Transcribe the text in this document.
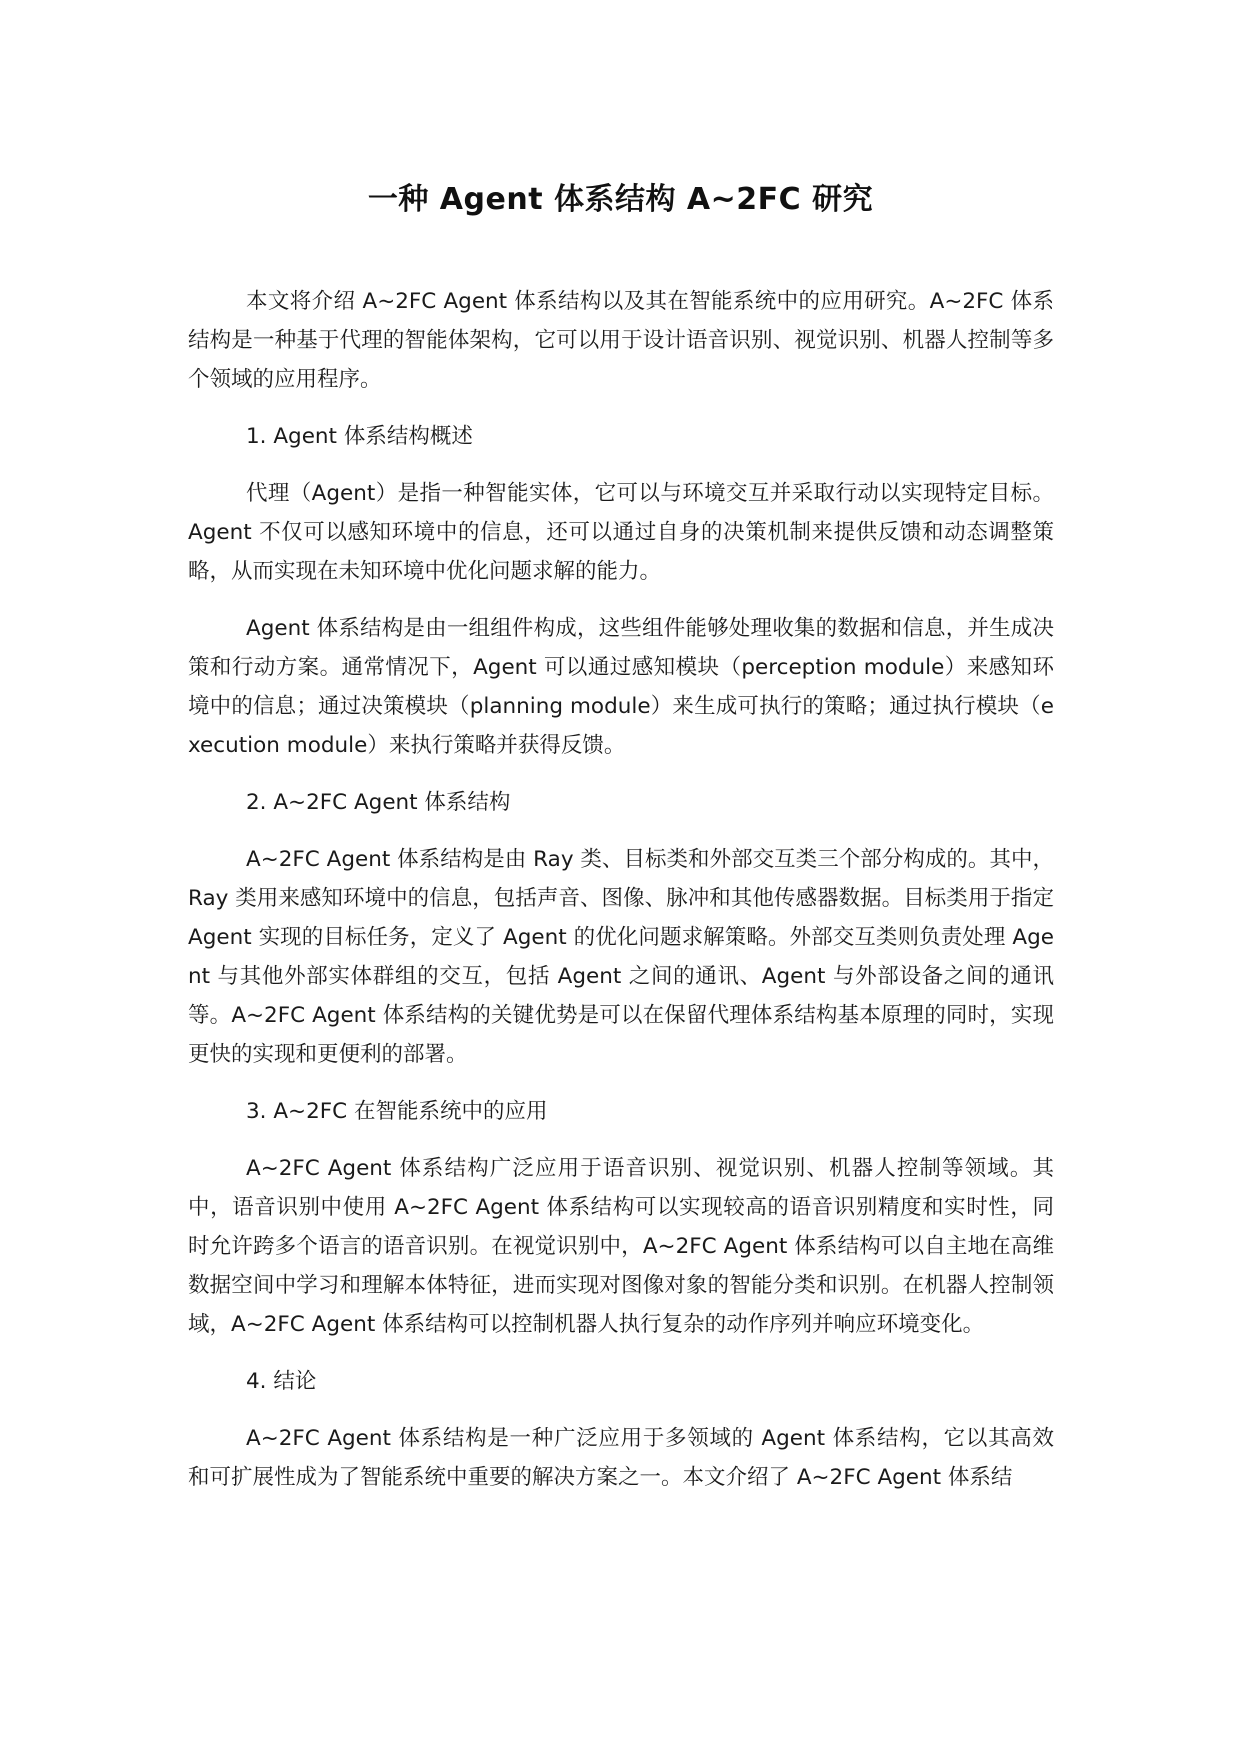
一种 Agent 体系结构 A~2FC 研究

本文将介绍 A~2FC Agent 体系结构以及其在智能系统中的应用研究。A~2FC 体系结构是一种基于代理的智能体架构，它可以用于设计语音识别、视觉识别、机器人控制等多个领域的应用程序。

1. Agent 体系结构概述

代理（Agent）是指一种智能实体，它可以与环境交互并采取行动以实现特定目标。Agent 不仅可以感知环境中的信息，还可以通过自身的决策机制来提供反馈和动态调整策略，从而实现在未知环境中优化问题求解的能力。

Agent 体系结构是由一组组件构成，这些组件能够处理收集的数据和信息，并生成决策和行动方案。通常情况下，Agent 可以通过感知模块（perception module）来感知环境中的信息；通过决策模块（planning module）来生成可执行的策略；通过执行模块（execution module）来执行策略并获得反馈。

2. A~2FC Agent 体系结构

A~2FC Agent 体系结构是由 Ray 类、目标类和外部交互类三个部分构成的。其中，Ray 类用来感知环境中的信息，包括声音、图像、脉冲和其他传感器数据。目标类用于指定 Agent 实现的目标任务，定义了 Agent 的优化问题求解策略。外部交互类则负责处理 Agent 与其他外部实体群组的交互，包括 Agent 之间的通讯、Agent 与外部设备之间的通讯等。A~2FC Agent 体系结构的关键优势是可以在保留代理体系结构基本原理的同时，实现更快的实现和更便利的部署。

3. A~2FC 在智能系统中的应用

A~2FC Agent 体系结构广泛应用于语音识别、视觉识别、机器人控制等领域。其中，语音识别中使用 A~2FC Agent 体系结构可以实现较高的语音识别精度和实时性，同时允许跨多个语言的语音识别。在视觉识别中，A~2FC Agent 体系结构可以自主地在高维数据空间中学习和理解本体特征，进而实现对图像对象的智能分类和识别。在机器人控制领域，A~2FC Agent 体系结构可以控制机器人执行复杂的动作序列并响应环境变化。

4. 结论

A~2FC Agent 体系结构是一种广泛应用于多领域的 Agent 体系结构，它以其高效和可扩展性成为了智能系统中重要的解决方案之一。本文介绍了 A~2FC Agent 体系结
